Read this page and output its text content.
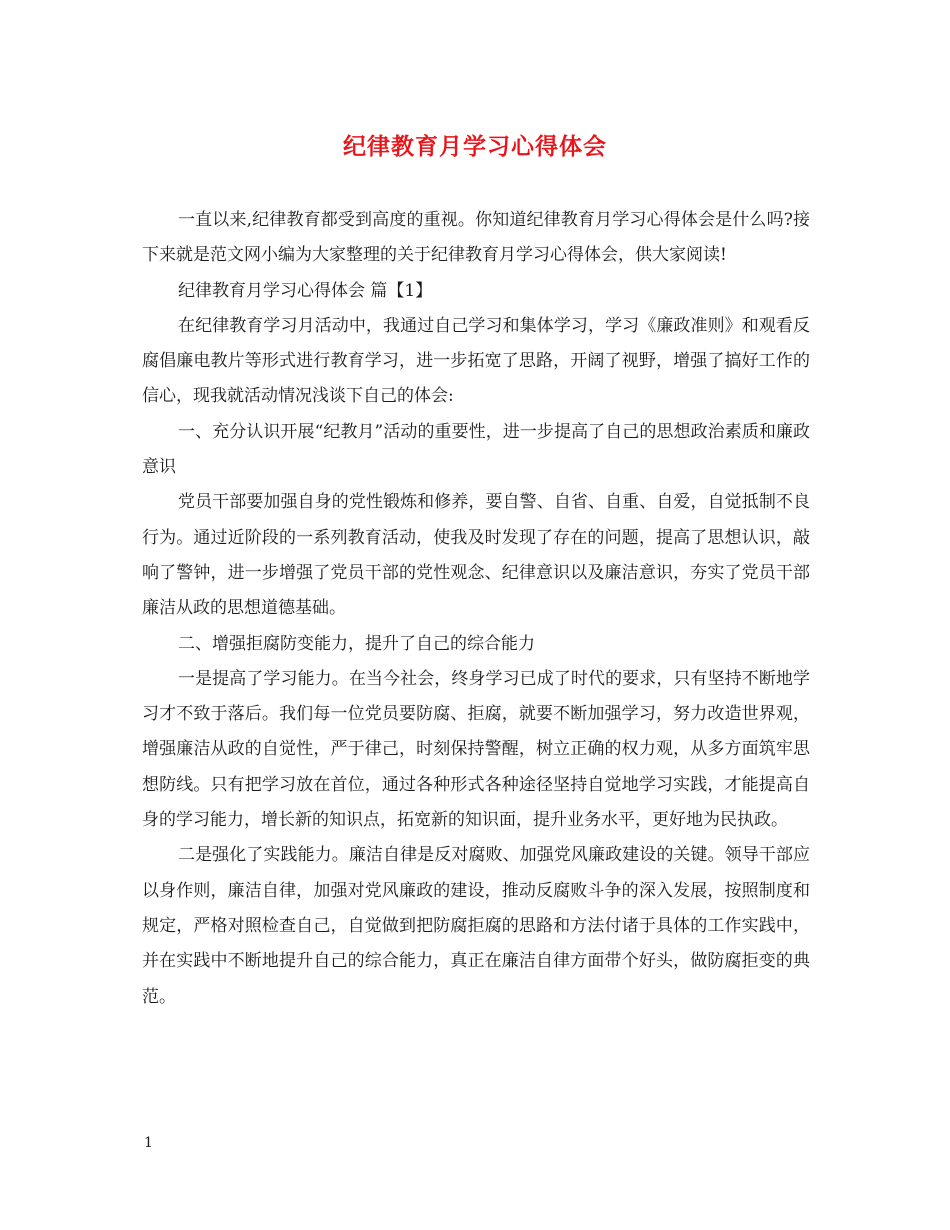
纪律教育月学习心得体会

一直以来,纪律教育都受到高度的重视。你知道纪律教育月学习心得体会是什么吗?接下来就是范文网小编为大家整理的关于纪律教育月学习心得体会，供大家阅读!

纪律教育月学习心得体会 篇【1】

在纪律教育学习月活动中，我通过自己学习和集体学习，学习《廉政准则》和观看反腐倡廉电教片等形式进行教育学习，进一步拓宽了思路，开阔了视野，增强了搞好工作的信心，现我就活动情况浅谈下自己的体会:

一、充分认识开展“纪教月”活动的重要性，进一步提高了自己的思想政治素质和廉政意识

党员干部要加强自身的党性锻炼和修养，要自警、自省、自重、自爱，自觉抵制不良行为。通过近阶段的一系列教育活动，使我及时发现了存在的问题，提高了思想认识，敲响了警钟，进一步增强了党员干部的党性观念、纪律意识以及廉洁意识，夯实了党员干部廉洁从政的思想道德基础。

二、增强拒腐防变能力，提升了自己的综合能力

一是提高了学习能力。在当今社会，终身学习已成了时代的要求，只有坚持不断地学习才不致于落后。我们每一位党员要防腐、拒腐，就要不断加强学习，努力改造世界观，增强廉洁从政的自觉性，严于律己，时刻保持警醒，树立正确的权力观，从多方面筑牢思想防线。只有把学习放在首位，通过各种形式各种途径坚持自觉地学习实践，才能提高自身的学习能力，增长新的知识点，拓宽新的知识面，提升业务水平，更好地为民执政。

二是强化了实践能力。廉洁自律是反对腐败、加强党风廉政建设的关键。领导干部应以身作则，廉洁自律，加强对党风廉政的建设，推动反腐败斗争的深入发展，按照制度和规定，严格对照检查自己，自觉做到把防腐拒腐的思路和方法付诸于具体的工作实践中，并在实践中不断地提升自己的综合能力，真正在廉洁自律方面带个好头，做防腐拒变的典范。

1
